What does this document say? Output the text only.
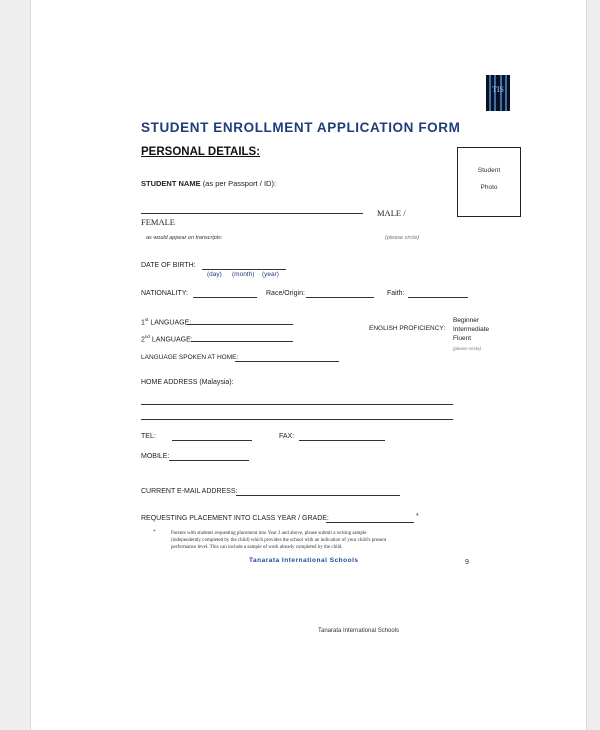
TIS
STUDENT ENROLLMENT APPLICATION FORM
PERSONAL DETAILS:
Student
Photo
STUDENT NAME (as per Passport / ID):
MALE /
FEMALE
as would appear on transcripts:	(please circle)
DATE OF BIRTH:
(day) (month) (year)
NATIONALITY:	Race/Origin:	Faith:
1st LANGUAGE:
2nd LANGUAGE:
ENGLISH PROFICIENCY:
Beginner
Intermediate
Fluent
(please circle)
LANGUAGE SPOKEN AT HOME:
HOME ADDRESS (Malaysia):
TEL:	FAX:
MOBILE:
CURRENT E-MAIL ADDRESS:
REQUESTING PLACEMENT INTO CLASS YEAR / GRADE:	*
*	Parents with students requesting placement into Year 2 and above, please submit a writing sample
(independently completed by the child) which provides the school with an indication of your child's present
performance level. This can include a sample of work already completed by the child.
Tanarata International Schools	9
Tanarata International Schools
